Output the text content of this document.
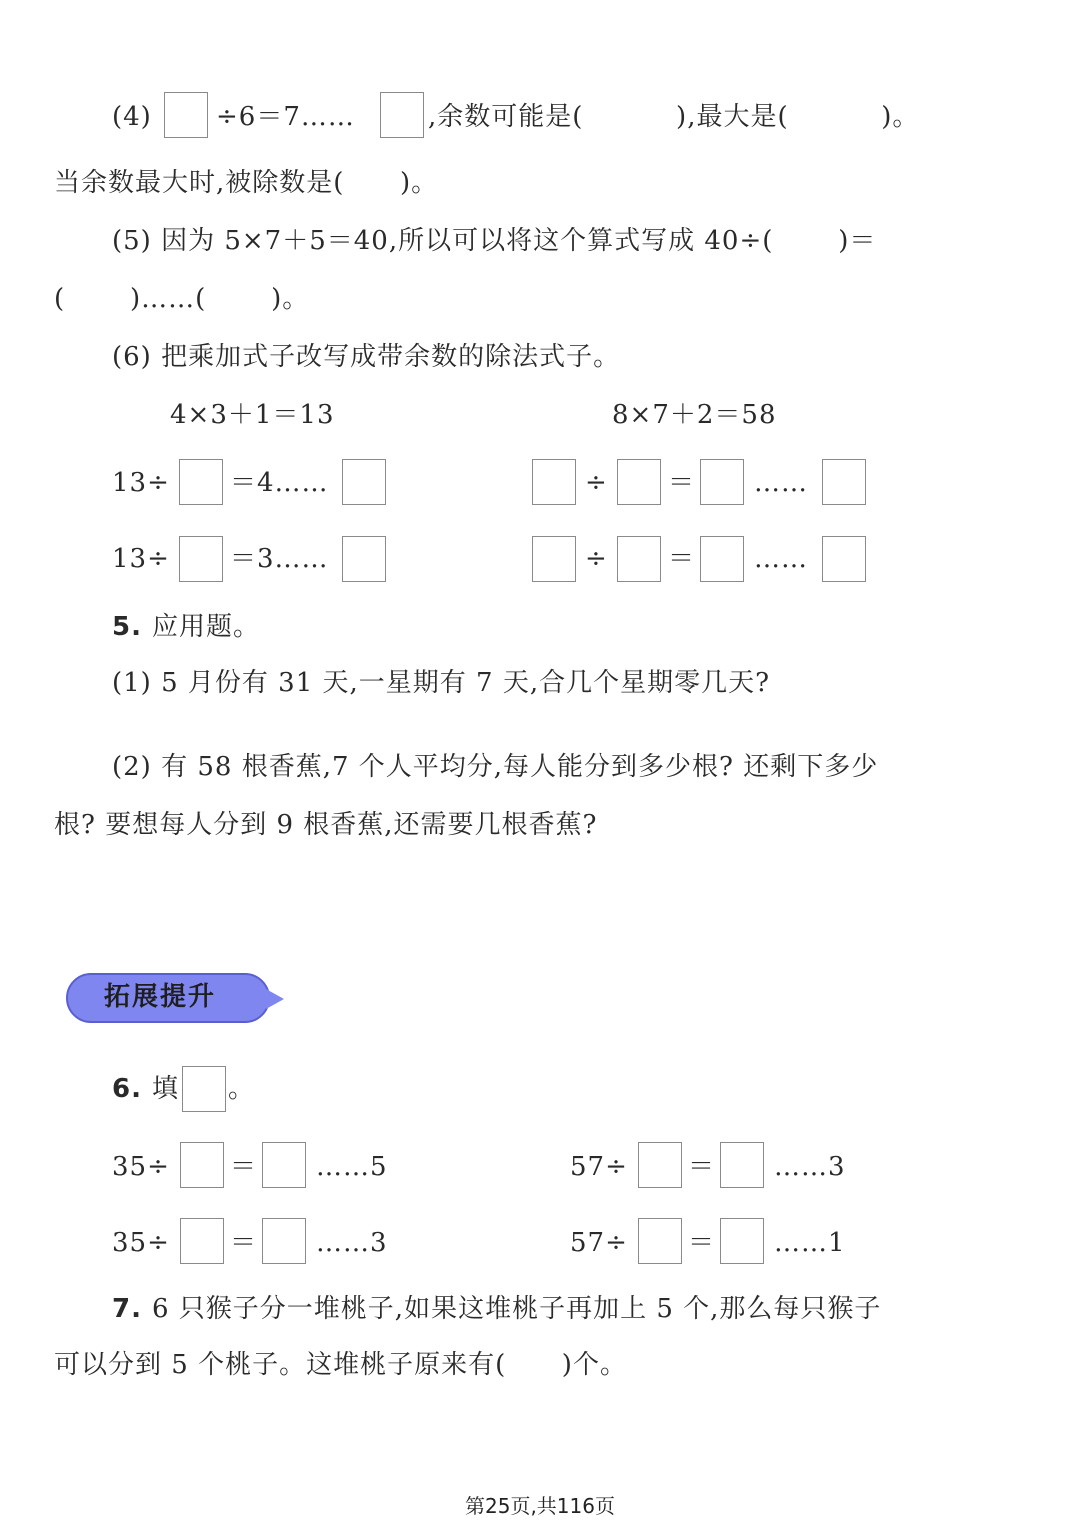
(4) ÷6＝7……	,余数可能是(          ),最大是(          )。
当余数最大时,被除数是(      )。
(5) 因为 5×7＋5＝40,所以可以将这个算式写成 40÷(       )＝
(       )……(       )。
(6) 把乘加式子改写成带余数的除法式子。
4×3＋1＝13	8×7＋2＝58
13÷ ＝4……	÷ ＝ ……
13÷ ＝3……	÷ ＝ ……
5. 应用题。
(1) 5 月份有 31 天,一星期有 7 天,合几个星期零几天?
(2) 有 58 根香蕉,7 个人平均分,每人能分到多少根? 还剩下多少
根? 要想每人分到 9 根香蕉,还需要几根香蕉?
拓展提升
6. 填 。
35÷ ＝ ……5	57÷ ＝ ……3
35÷ ＝ ……3	57÷ ＝ ……1
7. 6 只猴子分一堆桃子,如果这堆桃子再加上 5 个,那么每只猴子
可以分到 5 个桃子。这堆桃子原来有(      )个。
第25页,共116页
